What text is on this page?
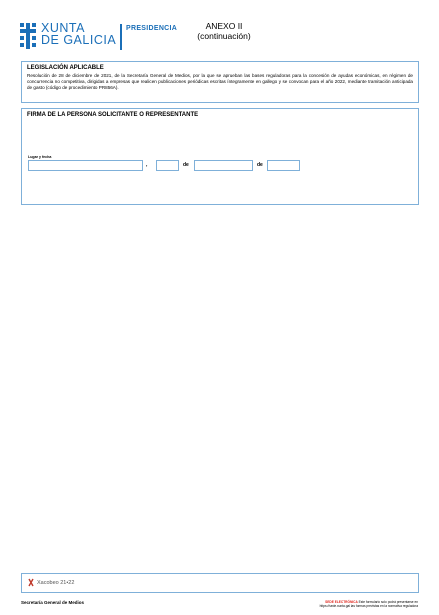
XUNTA
DE GALICIA
PRESIDENCIA	ANEXO II
(continuación)
LEGISLACIÓN APLICABLE
Resolución de 28 de diciembre de 2021, de la Secretaría General de Medios, por la que se aprueban las bases reguladoras para la concesión de ayudas económicas, en régimen de concurrencia no competitiva, dirigidas a empresas que realicen publicaciones periódicas escritas íntegramente en gallego y se convocan para el año 2022, mediante tramitación anticipada de gasto (código de procedimiento PR856A).
FIRMA DE LA PERSONA SOLICITANTE O REPRESENTANTE
Lugar y fecha
,	de	de
Xacobeo 21•22
Secretaría General de Medios	SEDE ELECTRÓNICA Este formulario solo podrá presentarse en
https://sede.xunta.gal las formas previstas en la normativa reguladora
